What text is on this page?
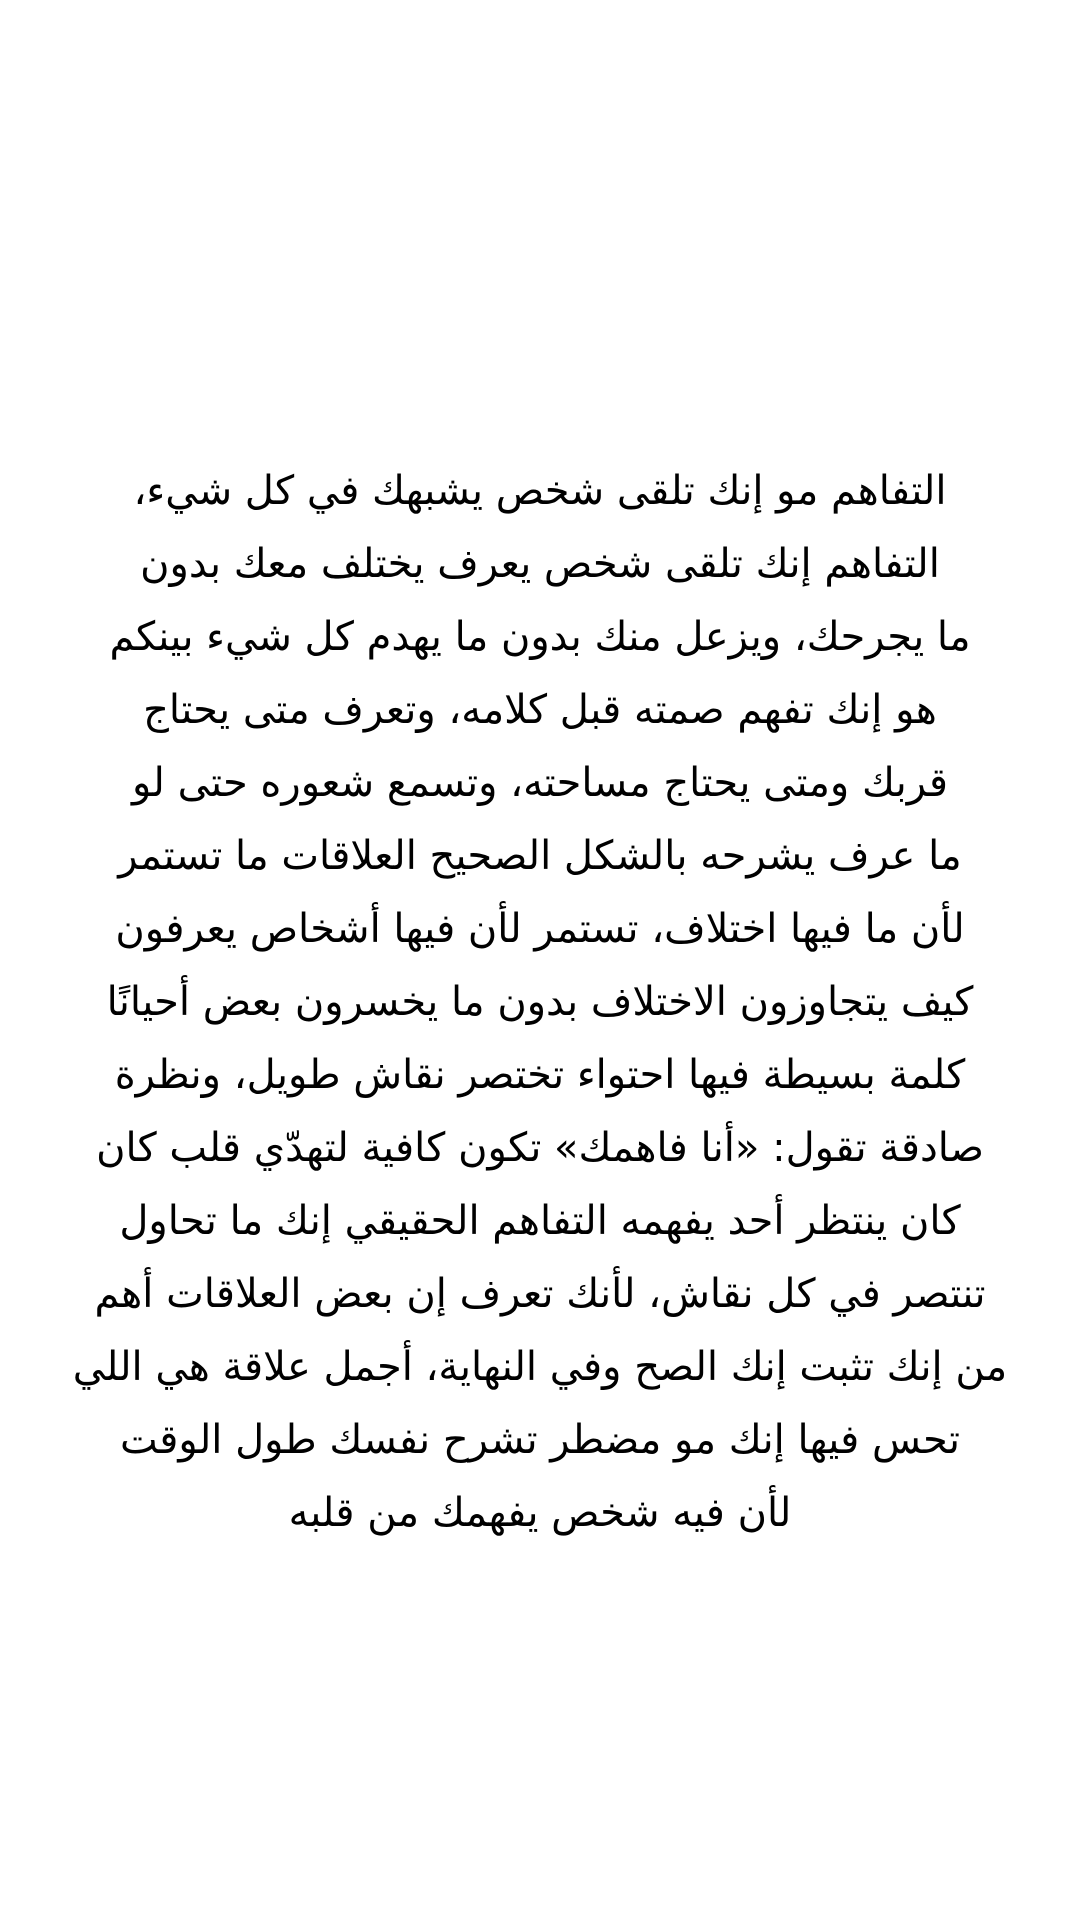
التفاهم مو إنك تلقى شخص يشبهك في كل شيء،

التفاهم إنك تلقى شخص يعرف يختلف معك بدون

ما يجرحك، ويزعل منك بدون ما يهدم كل شيء بينكم

هو إنك تفهم صمته قبل كلامه، وتعرف متى يحتاج

قربك ومتى يحتاج مساحته، وتسمع شعوره حتى لو

ما عرف يشرحه بالشكل الصحيح العلاقات ما تستمر

لأن ما فيها اختلاف، تستمر لأن فيها أشخاص يعرفون

كيف يتجاوزون الاختلاف بدون ما يخسرون بعض أحيانًا

كلمة بسيطة فيها احتواء تختصر نقاش طويل، ونظرة

صادقة تقول: «أنا فاهمك» تكون كافية لتهدّي قلب كان

كان ينتظر أحد يفهمه التفاهم الحقيقي إنك ما تحاول

تنتصر في كل نقاش، لأنك تعرف إن بعض العلاقات أهم

من إنك تثبت إنك الصح وفي النهاية، أجمل علاقة هي اللي

تحس فيها إنك مو مضطر تشرح نفسك طول الوقت

لأن فيه شخص يفهمك من قلبه
